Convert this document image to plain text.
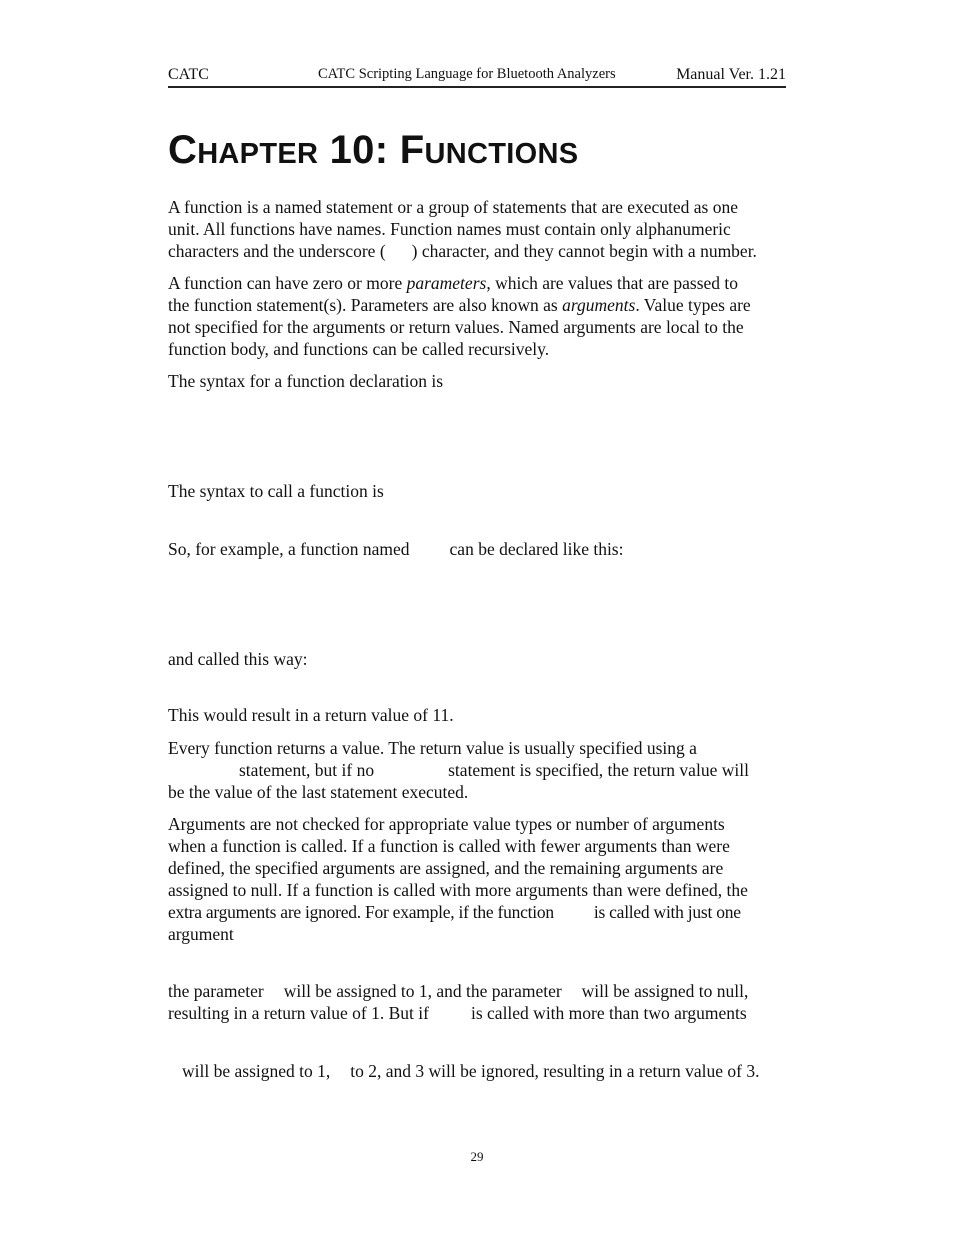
CATC	CATC Scripting Language for Bluetooth Analyzers	Manual Ver. 1.21
CHAPTER 10: FUNCTIONS
A function is a named statement or a group of statements that are executed as one
unit. All functions have names. Function names must contain only alphanumeric
characters and the underscore ( ) character, and they cannot begin with a number.
A function can have zero or more parameters, which are values that are passed to
the function statement(s). Parameters are also known as arguments. Value types are
not specified for the arguments or return values. Named arguments are local to the
function body, and functions can be called recursively.
The syntax for a function declaration is
The syntax to call a function is
So, for example, a function named can be declared like this:
and called this way:
This would result in a return value of 11.
Every function returns a value. The return value is usually specified using a
statement, but if no	statement is specified, the return value will
be the value of the last statement executed.
Arguments are not checked for appropriate value types or number of arguments
when a function is called. If a function is called with fewer arguments than were
defined, the specified arguments are assigned, and the remaining arguments are
assigned to null. If a function is called with more arguments than were defined, the
extra arguments are ignored. For example, if the function is called with just one
argument
the parameter will be assigned to 1, and the parameter will be assigned to null,
resulting in a return value of 1. But if is called with more than two arguments
will be assigned to 1, to 2, and 3 will be ignored, resulting in a return value of 3.
29
